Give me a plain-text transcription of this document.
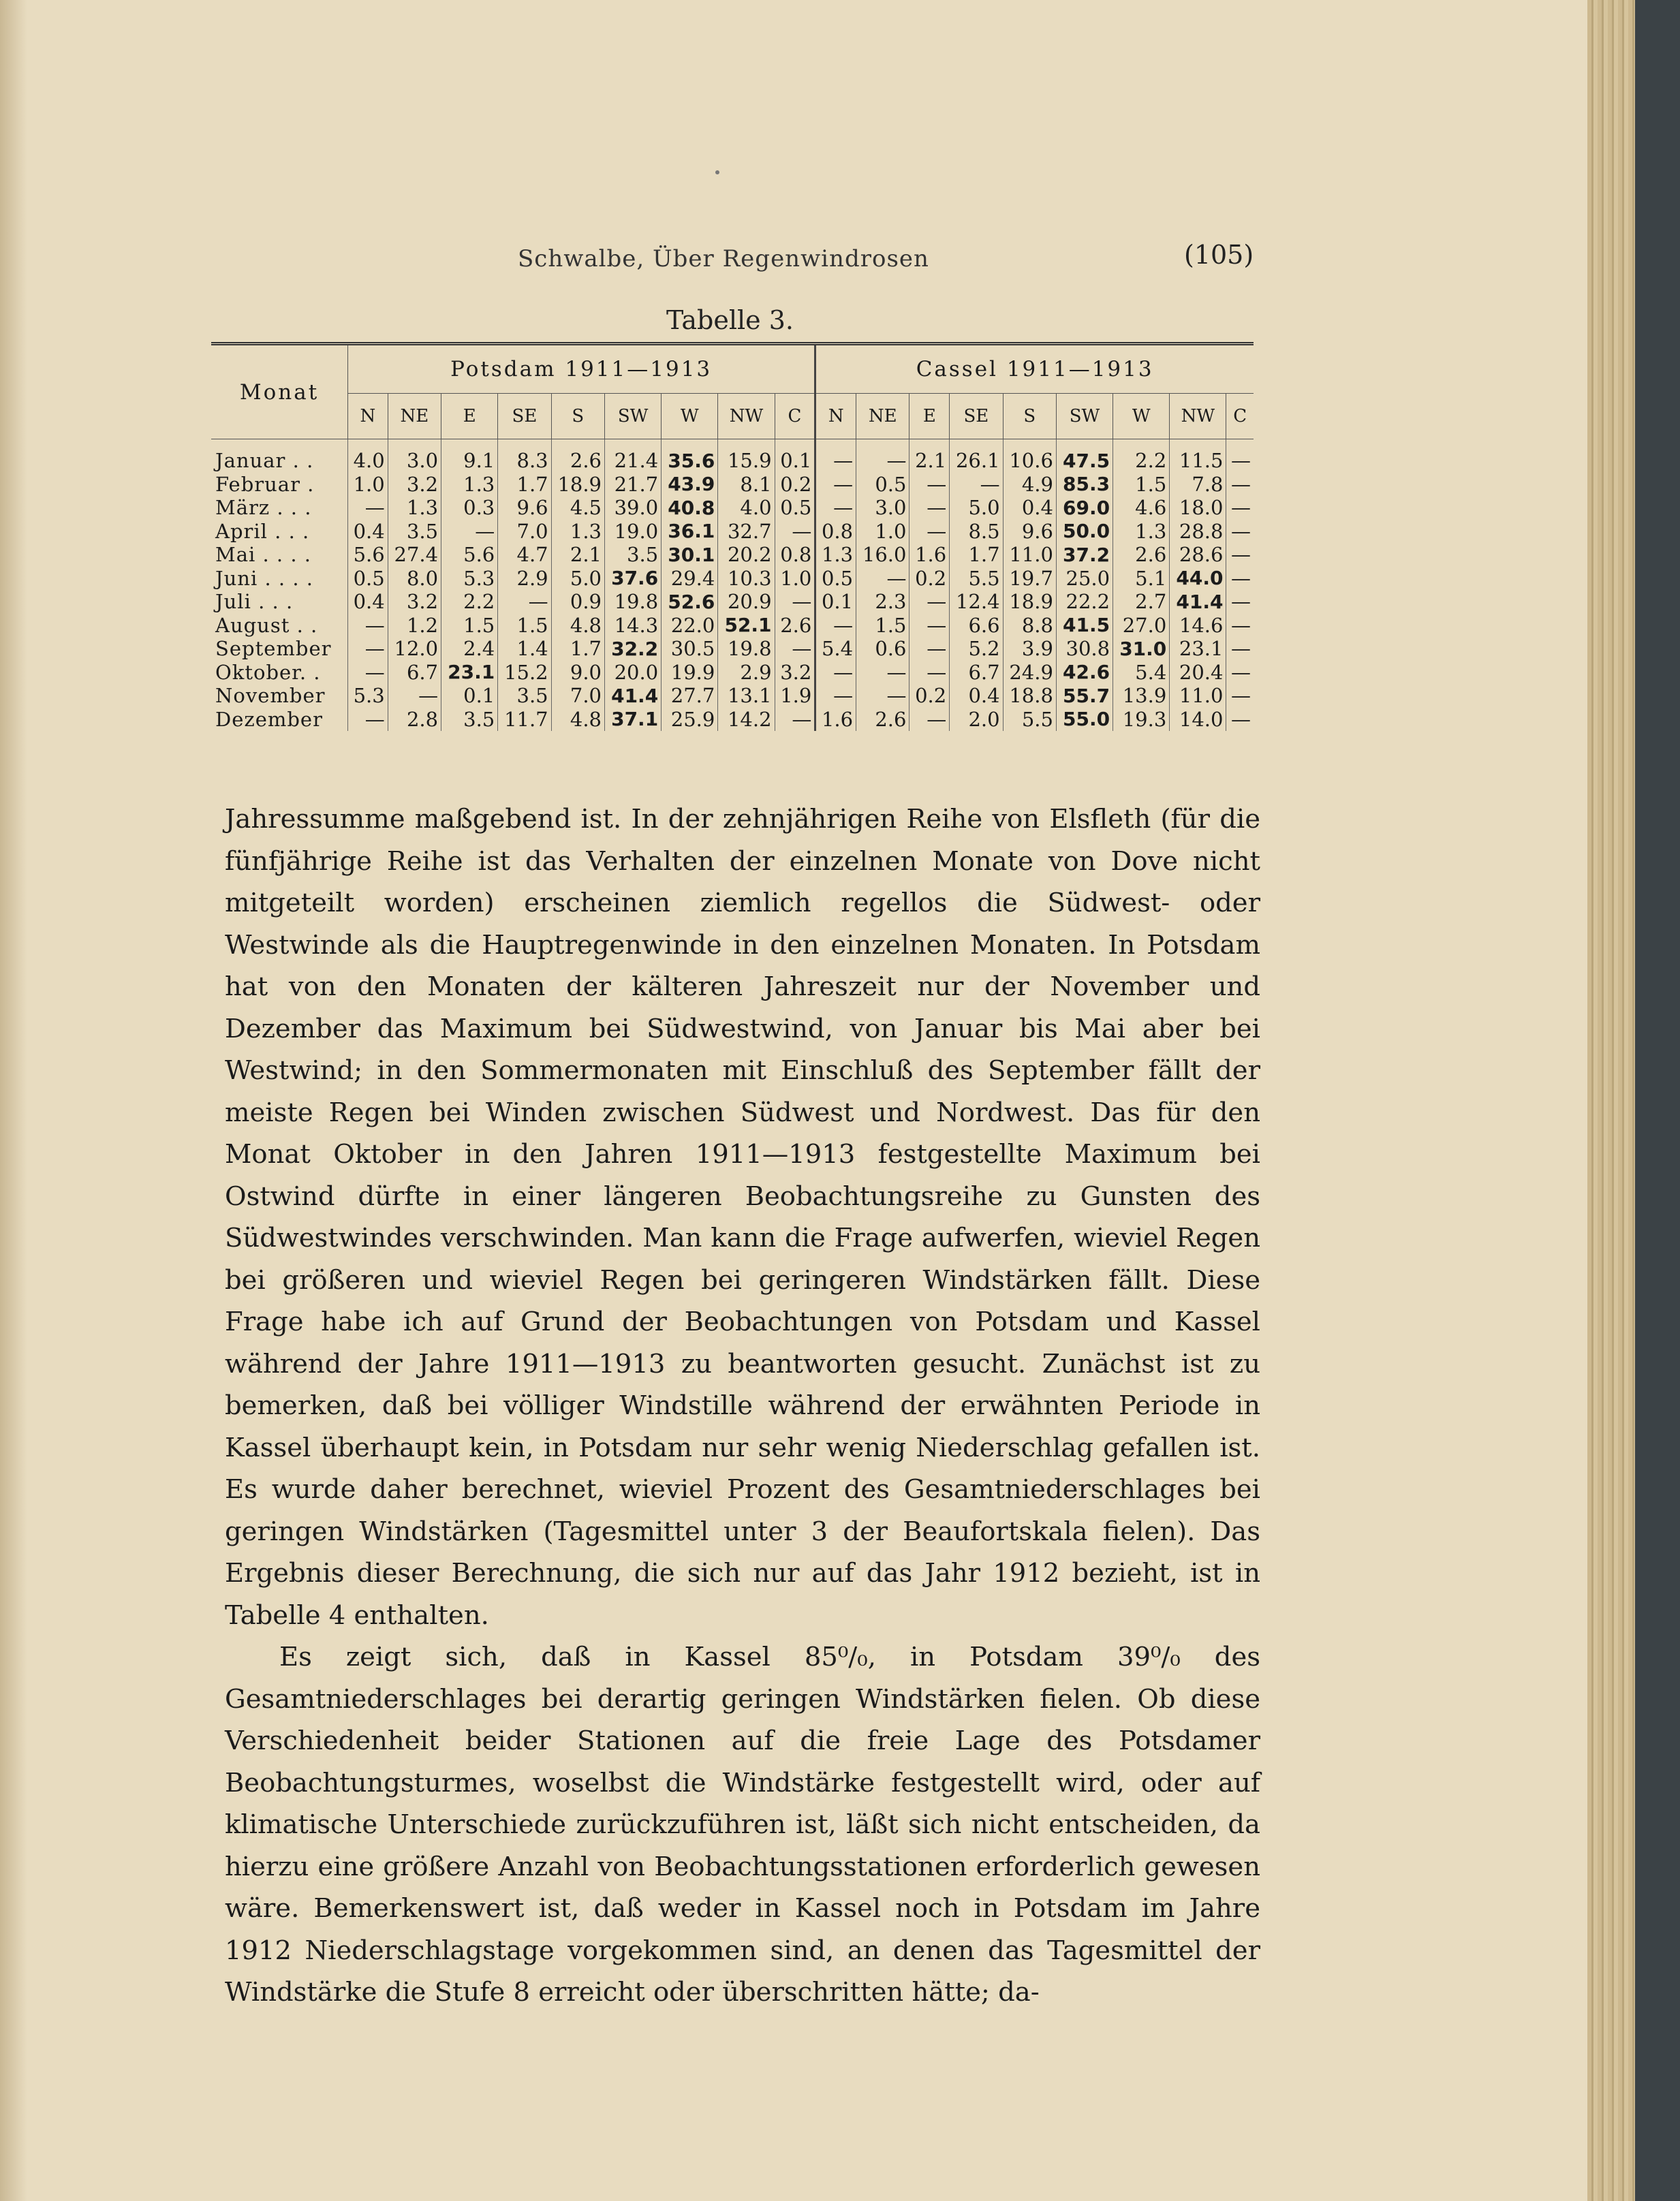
Schwalbe, Über Regenwindrosen	(105)
Tabelle 3.
Monat	Potsdam 1911—1913									Cassel 1911—1913								
	N	NE	E	SE	S	SW	W	NW	C	N	NE	E	SE	S	SW	W	NW	C
Januar . .	4.0	3.0	9.1	8.3	2.6	21.4	35.6	15.9	0.1	—	—	2.1	26.1	10.6	47.5	2.2	11.5	—
Februar .	1.0	3.2	1.3	1.7	18.9	21.7	43.9	8.1	0.2	—	0.5	—	—	4.9	85.3	1.5	7.8	—
März . . .	—	1.3	0.3	9.6	4.5	39.0	40.8	4.0	0.5	—	3.0	—	5.0	0.4	69.0	4.6	18.0	—
April . . .	0.4	3.5	—	7.0	1.3	19.0	36.1	32.7	—	0.8	1.0	—	8.5	9.6	50.0	1.3	28.8	—
Mai . . . .	5.6	27.4	5.6	4.7	2.1	3.5	30.1	20.2	0.8	1.3	16.0	1.6	1.7	11.0	37.2	2.6	28.6	—
Juni . . . .	0.5	8.0	5.3	2.9	5.0	37.6	29.4	10.3	1.0	0.5	—	0.2	5.5	19.7	25.0	5.1	44.0	—
Juli . . .	0.4	3.2	2.2	—	0.9	19.8	52.6	20.9	—	0.1	2.3	—	12.4	18.9	22.2	2.7	41.4	—
August . .	—	1.2	1.5	1.5	4.8	14.3	22.0	52.1	2.6	—	1.5	—	6.6	8.8	41.5	27.0	14.6	—
September	—	12.0	2.4	1.4	1.7	32.2	30.5	19.8	—	5.4	0.6	—	5.2	3.9	30.8	31.0	23.1	—
Oktober. .	—	6.7	23.1	15.2	9.0	20.0	19.9	2.9	3.2	—	—	—	6.7	24.9	42.6	5.4	20.4	—
November	5.3	—	0.1	3.5	7.0	41.4	27.7	13.1	1.9	—	—	0.2	0.4	18.8	55.7	13.9	11.0	—
Dezember	—	2.8	3.5	11.7	4.8	37.1	25.9	14.2	—	1.6	2.6	—	2.0	5.5	55.0	19.3	14.0	—

Jahressumme maßgebend ist. In der zehnjährigen Reihe von Elsfleth (für die fünfjährige Reihe ist das Verhalten der einzelnen Monate von Dove nicht mitgeteilt worden) erscheinen ziemlich regellos die Südwest- oder Westwinde als die Hauptregenwinde in den einzelnen Monaten. In Potsdam hat von den Monaten der kälteren Jahreszeit nur der November und Dezember das Maximum bei Südwestwind, von Januar bis Mai aber bei Westwind; in den Sommermonaten mit Einschluß des September fällt der meiste Regen bei Winden zwischen Südwest und Nordwest. Das für den Monat Oktober in den Jahren 1911—1913 festgestellte Maximum bei Ostwind dürfte in einer längeren Beobachtungsreihe zu Gunsten des Südwestwindes verschwinden. Man kann die Frage aufwerfen, wieviel Regen bei größeren und wieviel Regen bei geringeren Windstärken fällt. Diese Frage habe ich auf Grund der Beobachtungen von Potsdam und Kassel während der Jahre 1911—1913 zu beantworten gesucht. Zunächst ist zu bemerken, daß bei völliger Windstille während der erwähnten Periode in Kassel überhaupt kein, in Potsdam nur sehr wenig Niederschlag gefallen ist. Es wurde daher berechnet, wieviel Prozent des Gesamtniederschlages bei geringen Windstärken (Tagesmittel unter 3 der Beaufortskala fielen). Das Ergebnis dieser Berechnung, die sich nur auf das Jahr 1912 bezieht, ist in Tabelle 4 enthalten.

Es zeigt sich, daß in Kassel 85⁰/₀, in Potsdam 39⁰/₀ des Gesamtniederschlages bei derartig geringen Windstärken fielen. Ob diese Verschiedenheit beider Stationen auf die freie Lage des Potsdamer Beobachtungsturmes, woselbst die Windstärke festgestellt wird, oder auf klimatische Unterschiede zurückzuführen ist, läßt sich nicht entscheiden, da hierzu eine größere Anzahl von Beobachtungsstationen erforderlich gewesen wäre. Bemerkenswert ist, daß weder in Kassel noch in Potsdam im Jahre 1912 Niederschlagstage vorgekommen sind, an denen das Tagesmittel der Windstärke die Stufe 8 erreicht oder überschritten hätte; da-
